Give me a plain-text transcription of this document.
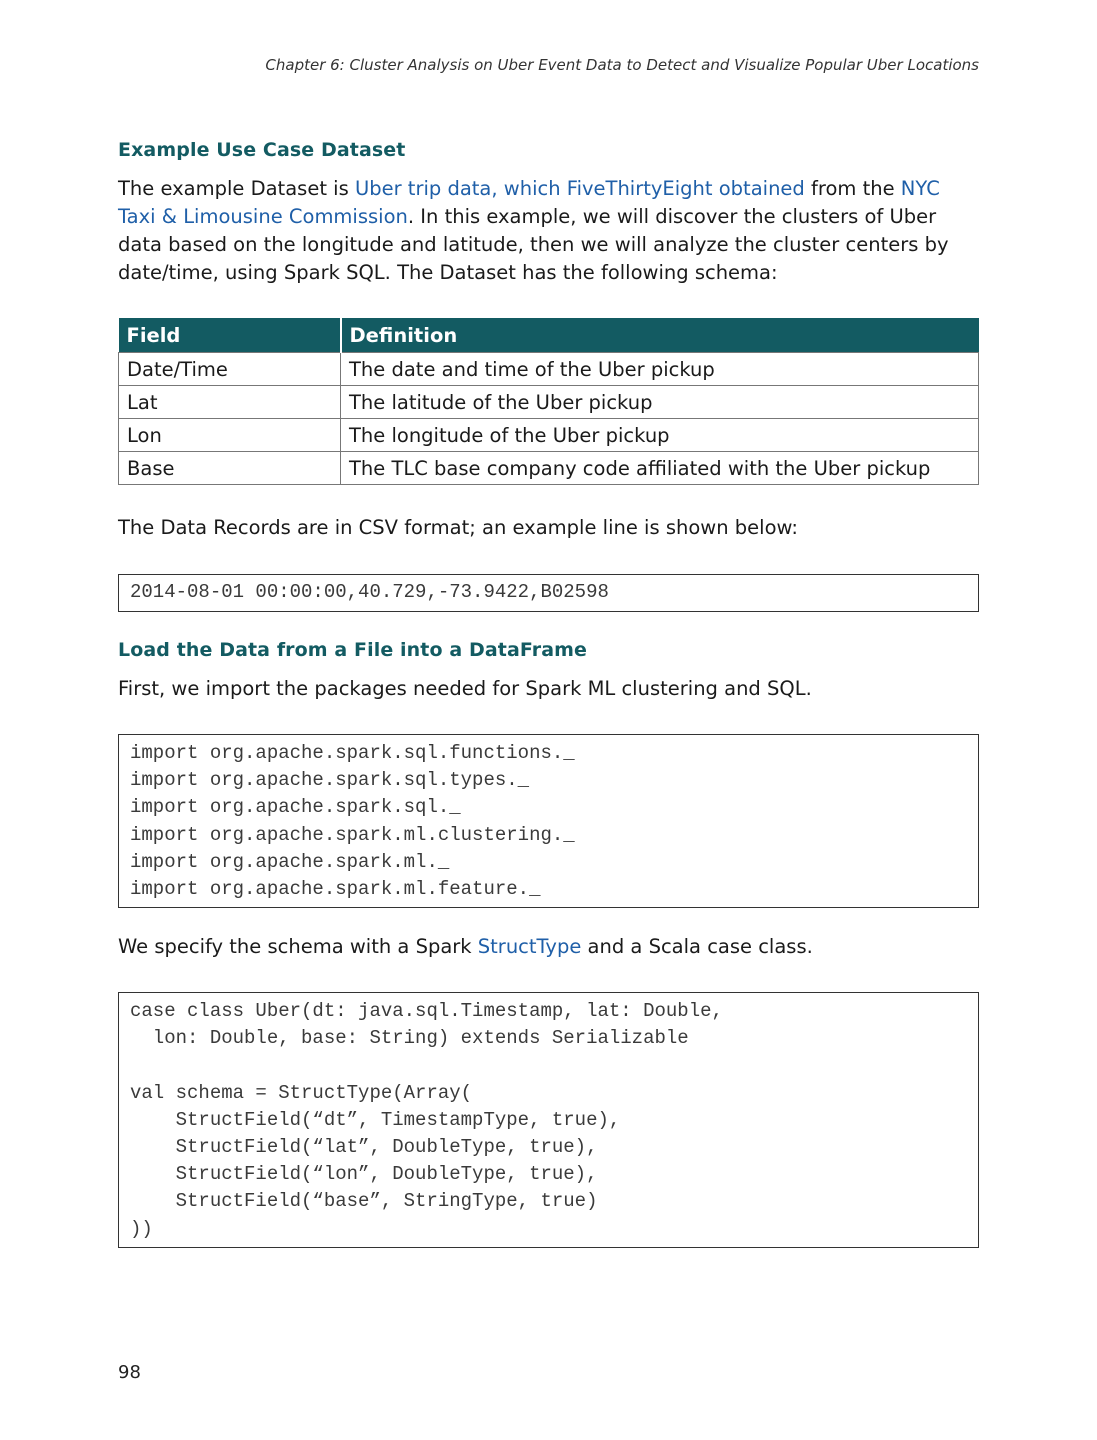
Chapter 6: Cluster Analysis on Uber Event Data to Detect and Visualize Popular Uber Locations
Example Use Case Dataset

The example Dataset is Uber trip data, which FiveThirtyEight obtained from the NYC Taxi & Limousine Commission. In this example, we will discover the clusters of Uber data based on the longitude and latitude, then we will analyze the cluster centers by date/time, using Spark SQL. The Dataset has the following schema:

Field	Definition
Date/Time	The date and time of the Uber pickup
Lat	The latitude of the Uber pickup
Lon	The longitude of the Uber pickup
Base	The TLC base company code affiliated with the Uber pickup

The Data Records are in CSV format; an example line is shown below:

2014-08-01 00:00:00,40.729,-73.9422,B02598
Load the Data from a File into a DataFrame

First, we import the packages needed for Spark ML clustering and SQL.

import org.apache.spark.sql.functions._
import org.apache.spark.sql.types._
import org.apache.spark.sql._
import org.apache.spark.ml.clustering._
import org.apache.spark.ml._
import org.apache.spark.ml.feature._

We specify the schema with a Spark StructType and a Scala case class.

case class Uber(dt: java.sql.Timestamp, lat: Double,
lon: Double, base: String) extends Serializable

val schema = StructType(Array(
StructField(“dt”, TimestampType, true),
StructField(“lat”, DoubleType, true),
StructField(“lon”, DoubleType, true),
StructField(“base”, StringType, true)
))
98
